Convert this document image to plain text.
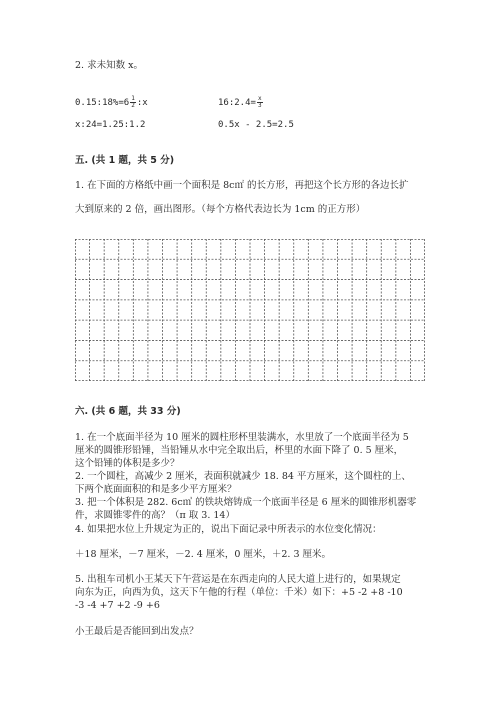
2. 求未知数 x。
0.15:18%=6 $\frac{1}{2}$ :x	16:2.4= $\frac{x}{3}$
x:24=1.25:1.2	0.5x - 2.5=2.5
五. (共 1 题，共 5 分)
1. 在下面的方格纸中画一个面积是 8c㎡ 的长方形，再把这个长方形的各边长扩
大到原来的 2 倍，画出图形。（每个方格代表边长为 1cm 的正方形）
六. (共 6 题，共 33 分)
1. 在一个底面半径为 10 厘米的圆柱形杯里装满水，水里放了一个底面半径为 5
厘米的圆锥形铅锤，当铅锤从水中完全取出后，杯里的水面下降了 0. 5 厘米，
这个铅锤的体积是多少？
2. 一个圆柱，高减少 2 厘米，表面积就减少 18. 84 平方厘米，这个圆柱的上、
下两个底面面积的和是多少平方厘米？
3. 把一个体积是 282. 6c㎥ 的铁块熔铸成一个底面半径是 6 厘米的圆锥形机器零
件，求圆锥零件的高？（π 取 3. 14）
4. 如果把水位上升规定为正的，说出下面记录中所表示的水位变化情况：
＋18 厘米，－7 厘米，－2. 4 厘米，0 厘米，＋2. 3 厘米。
5. 出租车司机小王某天下午营运是在东西走向的人民大道上进行的，如果规定
向东为正，向西为负，这天下午他的行程（单位：千米）如下：+5 -2 +8 -10
-3 -4 +7 +2 -9 +6
小王最后是否能回到出发点？
